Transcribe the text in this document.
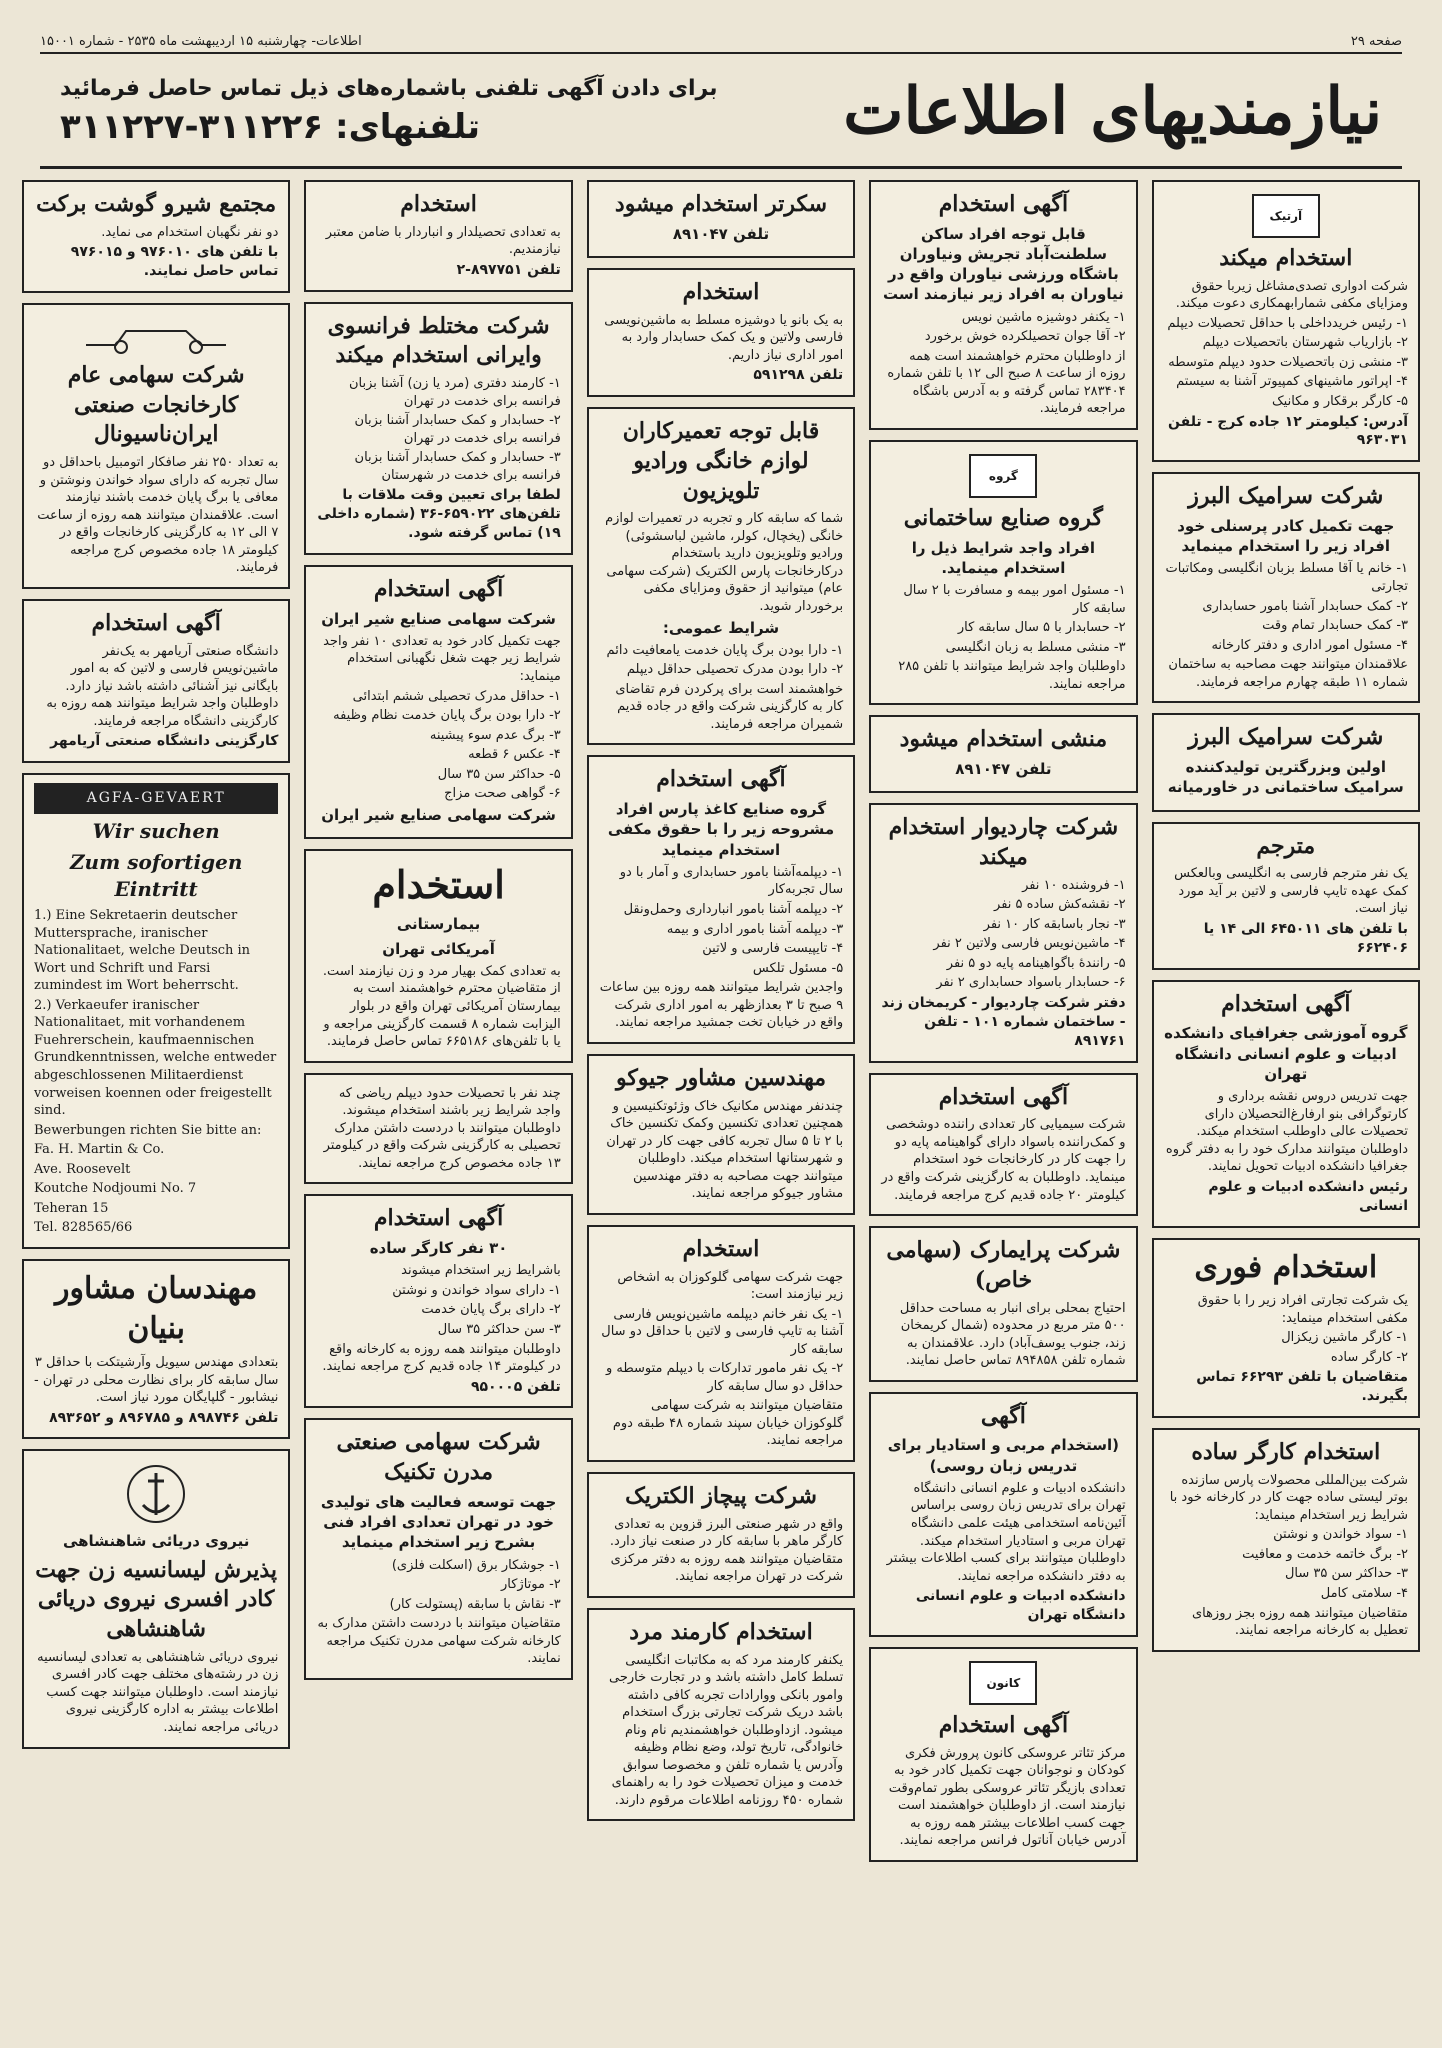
صفحه ۲۹
اطلاعات- چهارشنبه ۱۵ اردیبهشت ماه ۲۵۳۵ - شماره ۱۵۰۰۱
نیازمندیهای اطلاعات
برای دادن آگهی تلفنی باشماره‌های ذیل تماس حاصل فرمائید
تلفنهای: ۳۱۱۲۲۶-۳۱۱۲۲۷
آرتیک
استخدام میکند

شرکت ادواری تصدی‌مشاغل زیربا حقوق ومزایای مکفی شمارابهمکاری دعوت میکند.

۱- رئیس خریدداخلی با حداقل تحصیلات دیپلم

۲- بازاریاب شهرستان باتحصیلات دیپلم

۳- منشی زن باتحصیلات حدود دیپلم متوسطه

۴- اپراتور ماشینهای کمپیوتر آشنا به سیستم

۵- کارگر برقکار و مکانیک

آدرس: کیلومتر ۱۲ جاده کرج - تلفن ۹۶۳۰۳۱

شرکت سرامیک البرز
جهت تکمیل کادر پرسنلی خود افراد زیر را استخدام مینماید

۱- خانم یا آقا مسلط بزبان انگلیسی ومکاتبات تجارتی

۲- کمک حسابدار آشنا بامور حسابداری

۳- کمک حسابدار تمام وقت

۴- مسئول امور اداری و دفتر کارخانه

علاقمندان میتوانند جهت مصاحبه به ساختمان شماره ۱۱ طبقه چهارم مراجعه فرمایند.

شرکت سرامیک البرز
اولین وبزرگترین تولیدکننده سرامیک ساختمانی در خاورمیانه
مترجم

یک نفر مترجم فارسی به انگلیسی وبالعکس کمک عهده تایپ فارسی و لاتین بر آید مورد نیاز است.

با تلفن های ۶۴۵۰۱۱ الی ۱۴ یا ۶۶۲۴۰۶

آگهی استخدام
گروه آموزشی جغرافیای دانشکده ادبیات و علوم انسانی دانشگاه تهران

جهت تدریس دروس نقشه برداری و کارتوگرافی بنو ارفارغ‌التحصیلان دارای تحصیلات عالی داوطلب استخدام میکند. داوطلبان میتوانند مدارک خود را به دفتر گروه جغرافیا دانشکده ادبیات تحویل نمایند.

رئیس دانشکده ادبیات و علوم انسانی

استخدام فوری

یک شرکت تجارتی افراد زیر را با حقوق مکفی استخدام مینماید:

۱- کارگر ماشین زیکزال

۲- کارگر ساده

متقاضیان با تلفن ۶۶۲۹۳ تماس بگیرند.

استخدام کارگر ساده

شرکت بین‌المللی محصولات پارس سازنده بوتر لیستی ساده جهت کار در کارخانه خود با شرایط زیر استخدام مینماید:

۱- سواد خواندن و نوشتن

۲- برگ خاتمه خدمت و معافیت

۳- حداکثر سن ۳۵ سال

۴- سلامتی کامل

متقاضیان میتوانند همه روزه بجز روزهای تعطیل به کارخانه مراجعه نمایند.

آگهی استخدام
قابل توجه افراد ساکن سلطنت‌آباد تجریش ونیاوران باشگاه ورزشی نیاوران واقع در نیاوران به افراد زیر نیازمند است

۱- یکنفر دوشیزه ماشین نویس

۲- آقا جوان تحصیلکرده خوش برخورد

از داوطلبان محترم خواهشمند است همه روزه از ساعت ۸ صبح الی ۱۲ با تلفن شماره ۲۸۳۴۰۴ تماس گرفته و به آدرس باشگاه مراجعه فرمایند.

گروه
گروه صنایع ساختمانی
افراد واجد شرایط ذیل را استخدام مینماید.

۱- مسئول امور بیمه و مسافرت با ۲ سال سابقه کار

۲- حسابدار با ۵ سال سابقه کار

۳- منشی مسلط به زبان انگلیسی

داوطلبان واجد شرایط میتوانند با تلفن ۲۸۵ مراجعه نمایند.

منشی استخدام میشود
تلفن ۸۹۱۰۴۷
شرکت چاردیوار استخدام میکند

۱- فروشنده ۱۰ نفر

۲- نقشه‌کش ساده ۵ نفر

۳- نجار باسابقه کار ۱۰ نفر

۴- ماشین‌نویس فارسی ولاتین ۲ نفر

۵- رانندهٔ باگواهینامه پایه دو ۵ نفر

۶- حسابدار باسواد حسابداری ۲ نفر

دفتر شرکت چاردیوار - کریمخان زند - ساختمان شماره ۱۰۱ - تلفن ۸۹۱۷۶۱

آگهی استخدام

شرکت سیمیایی کار تعدادی راننده دوشخصی و کمک‌راننده باسواد دارای گواهینامه پایه دو را جهت کار در کارخانجات خود استخدام مینماید. داوطلبان به کارگزینی شرکت واقع در کیلومتر ۲۰ جاده قدیم کرج مراجعه فرمایند.

شرکت پرایمارک (سهامی خاص)

احتیاج بمحلی برای انبار به مساحت حداقل ۵۰۰ متر مربع در محدوده (شمال کریمخان زند، جنوب یوسف‌آباد) دارد. علاقمندان به شماره تلفن ۸۹۴۸۵۸ تماس حاصل نمایند.

آگهی
(استخدام مربی و استادیار برای تدریس زبان روسی)

دانشکده ادبیات و علوم انسانی دانشگاه تهران برای تدریس زبان روسی براساس آئین‌نامه استخدامی هیئت علمی دانشگاه تهران مربی و استادیار استخدام میکند. داوطلبان میتوانند برای کسب اطلاعات بیشتر به دفتر دانشکده مراجعه نمایند.

دانشکده ادبیات و علوم انسانی دانشگاه تهران

کانون
آگهی استخدام

مرکز تئاتر عروسکی کانون پرورش فکری کودکان و نوجوانان جهت تکمیل کادر خود به تعدادی بازیگر تئاتر عروسکی بطور تمام‌وقت نیازمند است. از داوطلبان خواهشمند است جهت کسب اطلاعات بیشتر همه روزه به آدرس خیابان آناتول فرانس مراجعه نمایند.

سکرتر استخدام میشود
تلفن ۸۹۱۰۴۷
استخدام

به یک بانو یا دوشیزه مسلط به ماشین‌نویسی فارسی ولاتین و یک کمک حسابدار وارد به امور اداری نیاز داریم.

تلفن ۵۹۱۲۹۸

قابل توجه تعمیرکاران لوازم خانگی ورادیو تلویزیون

شما که سابقه کار و تجربه در تعمیرات لوازم خانگی (یخچال، کولر، ماشین لباسشوئی) ورادیو وتلویزیون دارید باستخدام درکارخانجات پارس الکتریک (شرکت سهامی عام) میتوانید از حقوق ومزایای مکفی برخوردار شوید.

شرایط عمومی:

۱- دارا بودن برگ پایان خدمت یامعافیت دائم

۲- دارا بودن مدرک تحصیلی حداقل دیپلم

خواهشمند است برای پرکردن فرم تقاضای کار به کارگزینی شرکت واقع در جاده قدیم شمیران مراجعه فرمایند.

آگهی استخدام
گروه صنایع کاغذ پارس افراد مشروحه زیر را با حقوق مکفی استخدام مینماید

۱- دیپلمه‌آشنا بامور حسابداری و آمار با دو سال تجربه‌کار

۲- دیپلمه آشنا بامور انبارداری وحمل‌ونقل

۳- دیپلمه آشنا بامور اداری و بیمه

۴- تایپیست فارسی و لاتین

۵- مسئول تلکس

واجدین شرایط میتوانند همه روزه بین ساعات ۹ صبح تا ۳ بعدازظهر به امور اداری شرکت واقع در خیابان تخت جمشید مراجعه نمایند.

مهندسین مشاور جیوکو

چندنفر مهندس مکانیک خاک وژئوتکنیسین و همچنین تعدادی تکنسین وکمک تکنسین خاک با ۲ تا ۵ سال تجربه کافی جهت کار در تهران و شهرستانها استخدام میکند. داوطلبان میتوانند جهت مصاحبه به دفتر مهندسین مشاور جیوکو مراجعه نمایند.

استخدام

جهت شرکت سهامی گلوکوزان به اشخاص زیر نیازمند است:

۱- یک نفر خانم دیپلمه ماشین‌نویس فارسی آشنا به تایپ فارسی و لاتین با حداقل دو سال سابقه کار

۲- یک نفر مامور تدارکات با دیپلم متوسطه و حداقل دو سال سابقه کار

متقاضیان میتوانند به شرکت سهامی گلوکوزان خیابان سپند شماره ۴۸ طبقه دوم مراجعه نمایند.

شرکت پیچاز الکتریک

واقع در شهر صنعتی البرز قزوین به تعدادی کارگر ماهر با سابقه کار در صنعت نیاز دارد. متقاضیان میتوانند همه روزه به دفتر مرکزی شرکت در تهران مراجعه نمایند.

استخدام کارمند مرد

یکنفر کارمند مرد که به مکاتبات انگلیسی تسلط کامل داشته باشد و در تجارت خارجی وامور بانکی ووارادات تجربه کافی داشته باشد دریک شرکت تجارتی بزرگ استخدام میشود. ازداوطلبان خواهشمندیم نام ونام خانوادگی، تاریخ تولد، وضع نظام وظیفه وآدرس یا شماره تلفن و مخصوصا سوابق خدمت و میزان تحصیلات خود را به راهنمای شماره ۴۵۰ روزنامه اطلاعات مرقوم دارند.

استخدام

به تعدادی تحصیلدار و انباردار با ضامن معتبر نیازمندیم.

تلفن ۸۹۷۷۵۱-۲

شرکت مختلط فرانسوی وایرانی استخدام میکند

۱- کارمند دفتری (مرد یا زن) آشنا بزبان فرانسه برای خدمت در تهران

۲- حسابدار و کمک حسابدار آشنا بزبان فرانسه برای خدمت در تهران

۳- حسابدار و کمک حسابدار آشنا بزبان فرانسه برای خدمت در شهرستان

لطفا برای تعیین وقت ملاقات با تلفن‌های ۶۵۹۰۲۲-۳۶ (شماره داخلی ۱۹) تماس گرفته شود.

آگهی استخدام
شرکت سهامی صنایع شیر ایران

جهت تکمیل کادر خود به تعدادی ۱۰ نفر واجد شرایط زیر جهت شغل نگهبانی استخدام مینماید:

۱- حداقل مدرک تحصیلی ششم ابتدائی

۲- دارا بودن برگ پایان خدمت نظام وظیفه

۳- برگ عدم سوء پیشینه

۴- عکس ۶ قطعه

۵- حداکثر سن ۳۵ سال

۶- گواهی صحت مزاج

شرکت سهامی صنایع شیر ایران
استخدام
بیمارستانی
آمریکائی تهران

به تعدادی کمک بهیار مرد و زن نیازمند است. از متقاضیان محترم خواهشمند است به بیمارستان آمریکائی تهران واقع در بلوار الیزابت شماره ۸ قسمت کارگزینی مراجعه و یا با تلفن‌های ۶۶۵۱۸۶ تماس حاصل فرمایند.

چند نفر با تحصیلات حدود دیپلم ریاضی که واجد شرایط زیر باشند استخدام میشوند. داوطلبان میتوانند با دردست داشتن مدارک تحصیلی به کارگزینی شرکت واقع در کیلومتر ۱۳ جاده مخصوص کرج مراجعه نمایند.

آگهی استخدام
۳۰ نفر کارگر ساده

باشرایط زیر استخدام میشوند

۱- دارای سواد خواندن و نوشتن

۲- دارای برگ پایان خدمت

۳- سن حداکثر ۳۵ سال

داوطلبان میتوانند همه روزه به کارخانه واقع در کیلومتر ۱۴ جاده قدیم کرج مراجعه نمایند.

تلفن ۹۵۰۰۰۵

شرکت سهامی صنعتی مدرن تکنیک
جهت توسعه فعالیت های تولیدی خود در تهران تعدادی افراد فنی بشرح زیر استخدام مینماید

۱- جوشکار برق (اسکلت فلزی)

۲- موتاژکار

۳- نقاش با سابقه (پستولت کار)

متقاضیان میتوانند با دردست داشتن مدارک به کارخانه شرکت سهامی مدرن تکنیک مراجعه نمایند.

مجتمع شیرو گوشت برکت

دو نفر نگهبان استخدام می نماید.

با تلفن های ۹۷۶۰۱۰ و ۹۷۶۰۱۵ تماس حاصل نمایند.

شرکت سهامی عام کارخانجات صنعتی ایران‌ناسیونال

به تعداد ۲۵۰ نفر صافکار اتومبیل باحداقل دو سال تجربه که دارای سواد خواندن ونوشتن و معافی یا برگ پایان خدمت باشند نیازمند است. علاقمندان میتوانند همه روزه از ساعت ۷ الی ۱۲ به کارگزینی کارخانجات واقع در کیلومتر ۱۸ جاده مخصوص کرج مراجعه فرمایند.

آگهی استخدام

دانشگاه صنعتی آریامهر به یک‌نفر ماشین‌نویس فارسی و لاتین که به امور بایگانی نیز آشنائی داشته باشد نیاز دارد. داوطلبان واجد شرایط میتوانند همه روزه به کارگزینی دانشگاه مراجعه فرمایند.

کارگزینی دانشگاه صنعتی آریامهر

AGFA-GEVAERT
Wir suchen
Zum sofortigen Eintritt

1.) Eine Sekretaerin deutscher Muttersprache, iranischer Nationalitaet, welche Deutsch in Wort und Schrift und Farsi zumindest im Wort beherrscht.

2.) Verkaeufer iranischer Nationalitaet, mit vorhandenem Fuehrerschein, kaufmaennischen Grundkenntnissen, welche entweder abgeschlossenen Militaerdienst vorweisen koennen oder freigestellt sind.

Bewerbungen richten Sie bitte an:

Fa. H. Martin & Co.

Ave. Roosevelt

Koutche Nodjoumi No. 7

Teheran 15

Tel. 828565/66

مهندسان مشاور بنیان

بتعدادی مهندس سیویل وآرشیتکت با حداقل ۳ سال سابقه کار برای نظارت محلی در تهران - نیشابور - گلپایگان مورد نیاز است.

تلفن ۸۹۸۷۴۶ و ۸۹۶۷۸۵ و ۸۹۳۶۵۲

نیروی دریائی شاهنشاهی
پذیرش لیسانسیه زن جهت کادر افسری نیروی دریائی شاهنشاهی

نیروی دریائی شاهنشاهی به تعدادی لیسانسیه زن در رشته‌های مختلف جهت کادر افسری نیازمند است. داوطلبان میتوانند جهت کسب اطلاعات بیشتر به اداره کارگزینی نیروی دریائی مراجعه نمایند.
